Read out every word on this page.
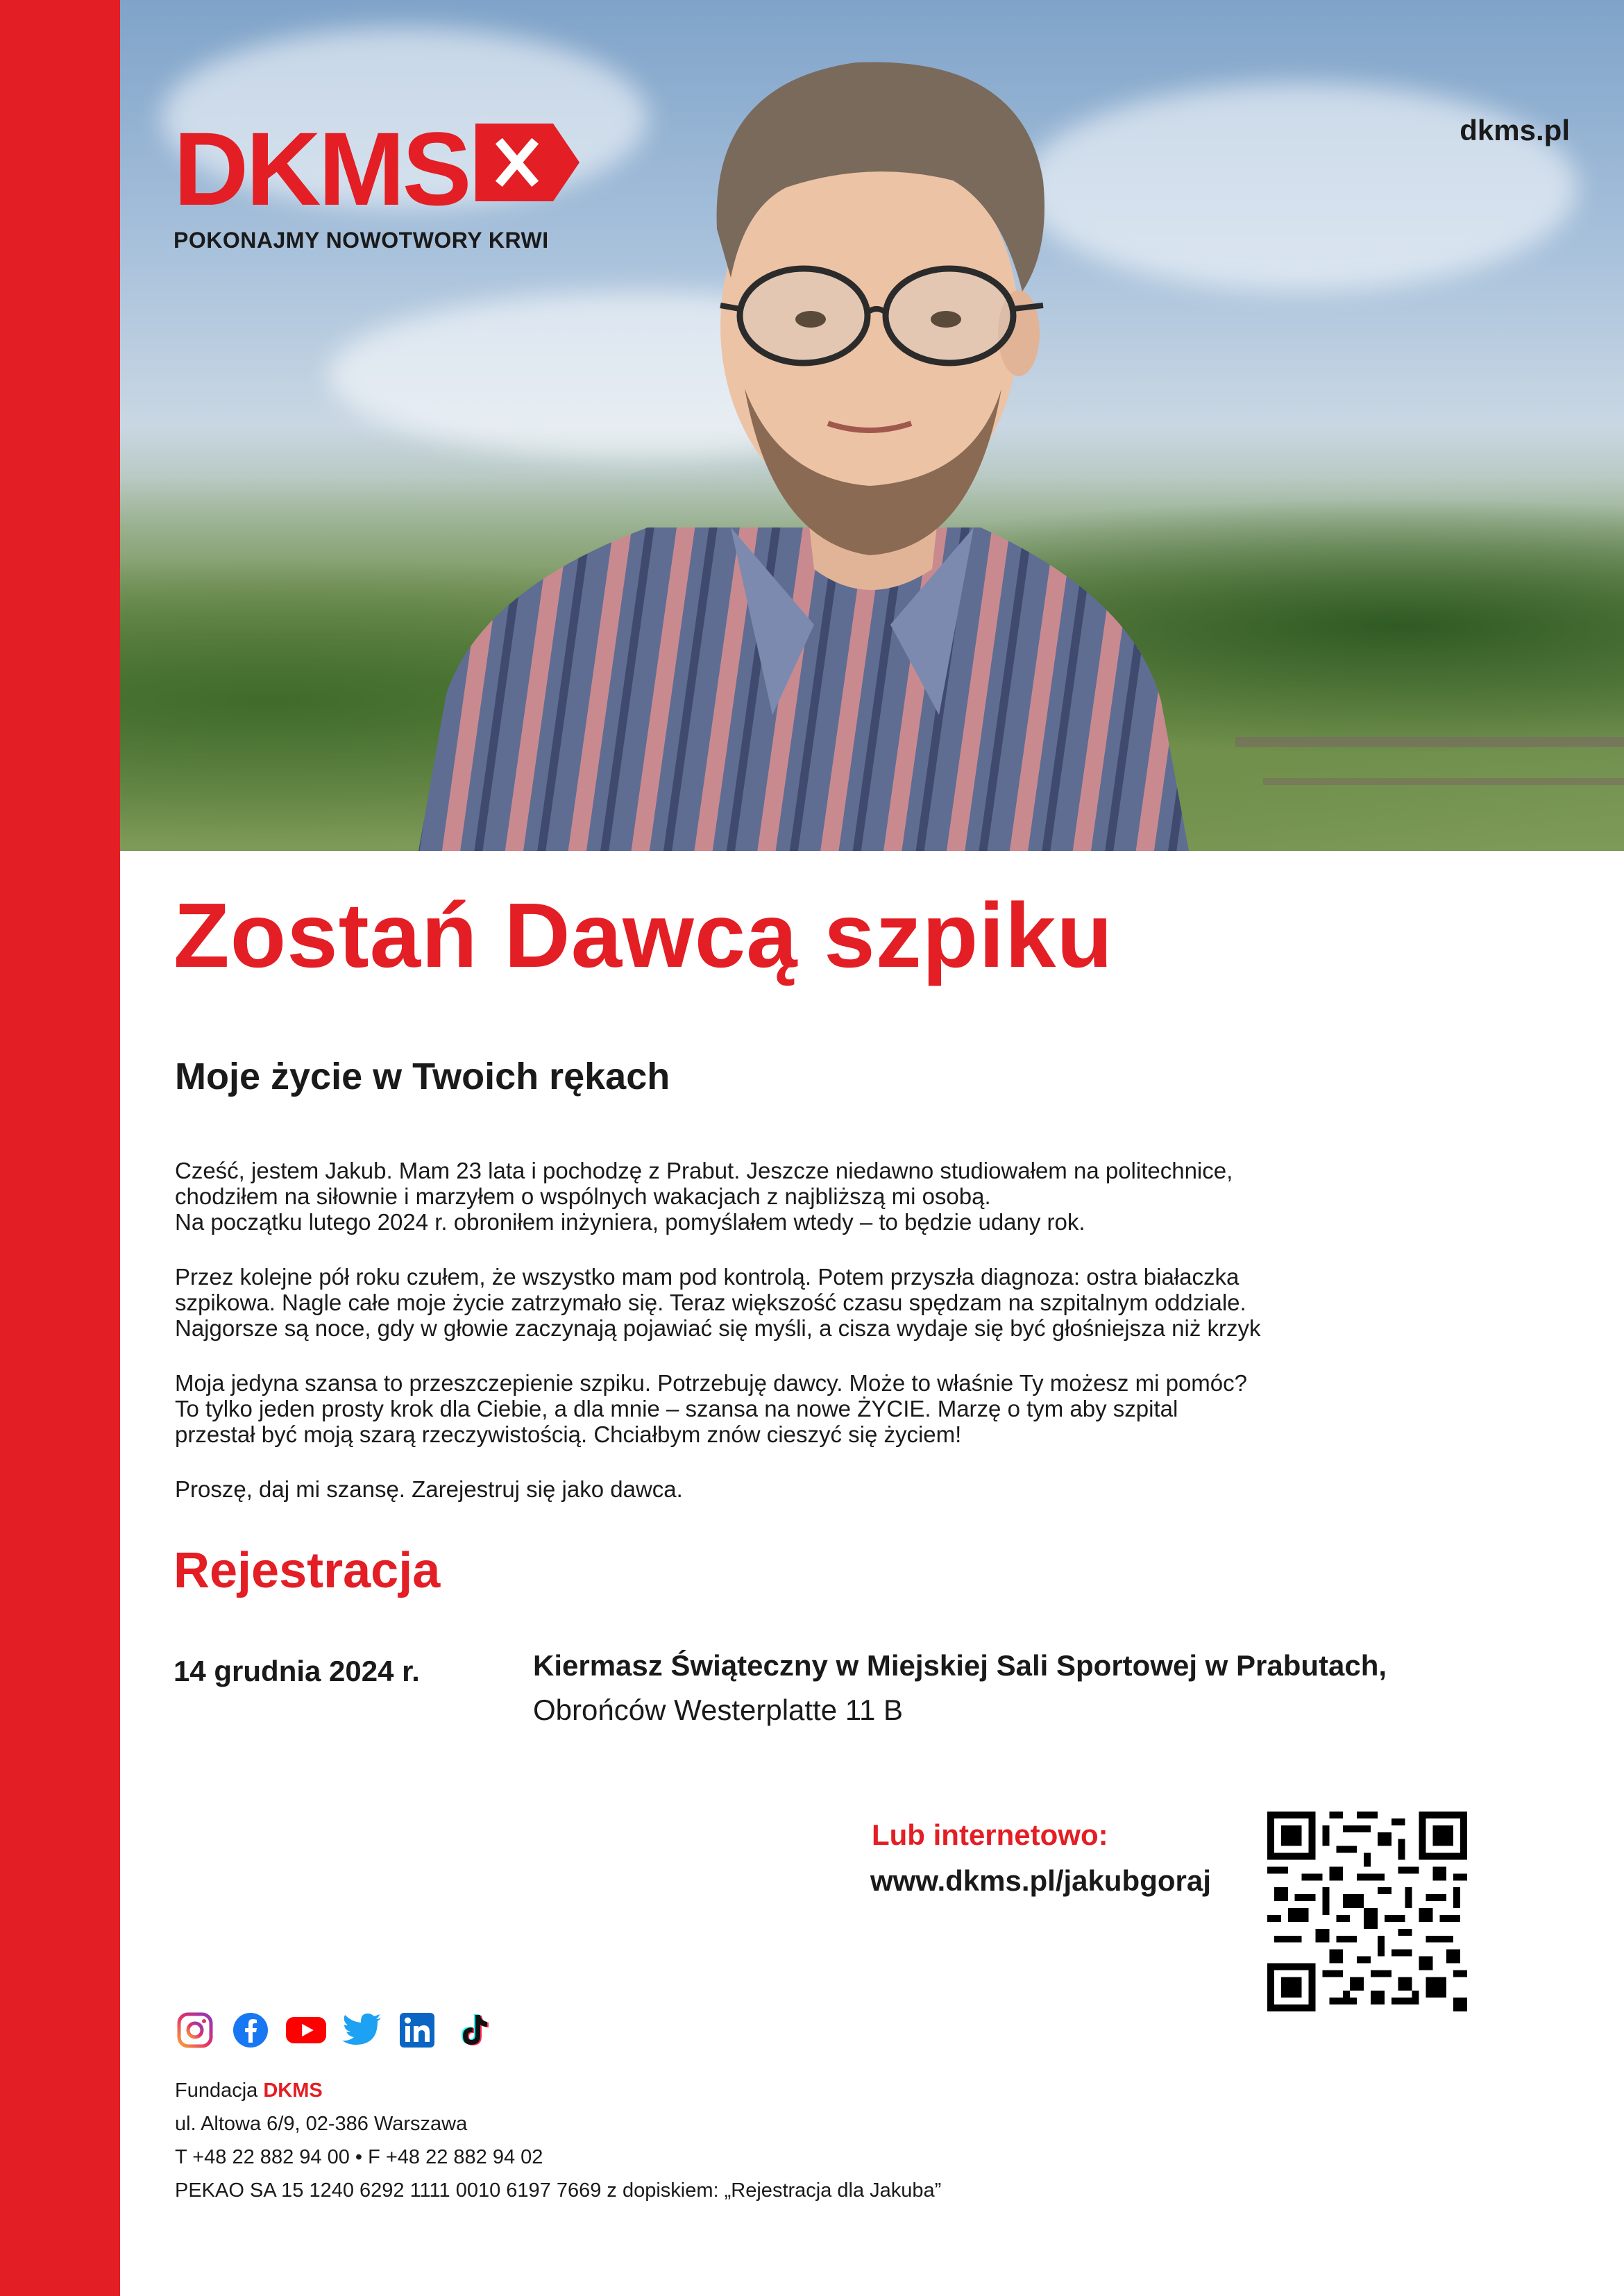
DKMS
POKONAJMY NOWOTWORY KRWI
dkms.pl
Zostań Dawcą szpiku
Moje życie w Twoich rękach

Cześć, jestem Jakub. Mam 23 lata i pochodzę z Prabut. Jeszcze niedawno studiowałem na politechnice,
chodziłem na siłownie i marzyłem o wspólnych wakacjach z najbliższą mi osobą.
Na początku lutego 2024 r. obroniłem inżyniera, pomyślałem wtedy – to będzie udany rok.

Przez kolejne pół roku czułem, że wszystko mam pod kontrolą. Potem przyszła diagnoza: ostra białaczka
szpikowa. Nagle całe moje życie zatrzymało się. Teraz większość czasu spędzam na szpitalnym oddziale.
Najgorsze są noce, gdy w głowie zaczynają pojawiać się myśli, a cisza wydaje się być głośniejsza niż krzyk

Moja jedyna szansa to przeszczepienie szpiku. Potrzebuję dawcy. Może to właśnie Ty możesz mi pomóc?
To tylko jeden prosty krok dla Ciebie, a dla mnie – szansa na nowe ŻYCIE. Marzę o tym aby szpital
przestał być moją szarą rzeczywistością. Chciałbym znów cieszyć się życiem!

Proszę, daj mi szansę. Zarejestruj się jako dawca.

Rejestracja
14 grudnia 2024 r.	Kiermasz Świąteczny w Miejskiej Sali Sportowej w Prabutach,
Obrońców Westerplatte 11 B
Lub internetowo:
www.dkms.pl/jakubgoraj
Fundacja DKMS
ul. Altowa 6/9, 02-386 Warszawa
T +48 22 882 94 00 • F +48 22 882 94 02
PEKAO SA 15 1240 6292 1111 0010 6197 7669 z dopiskiem: „Rejestracja dla Jakuba”
